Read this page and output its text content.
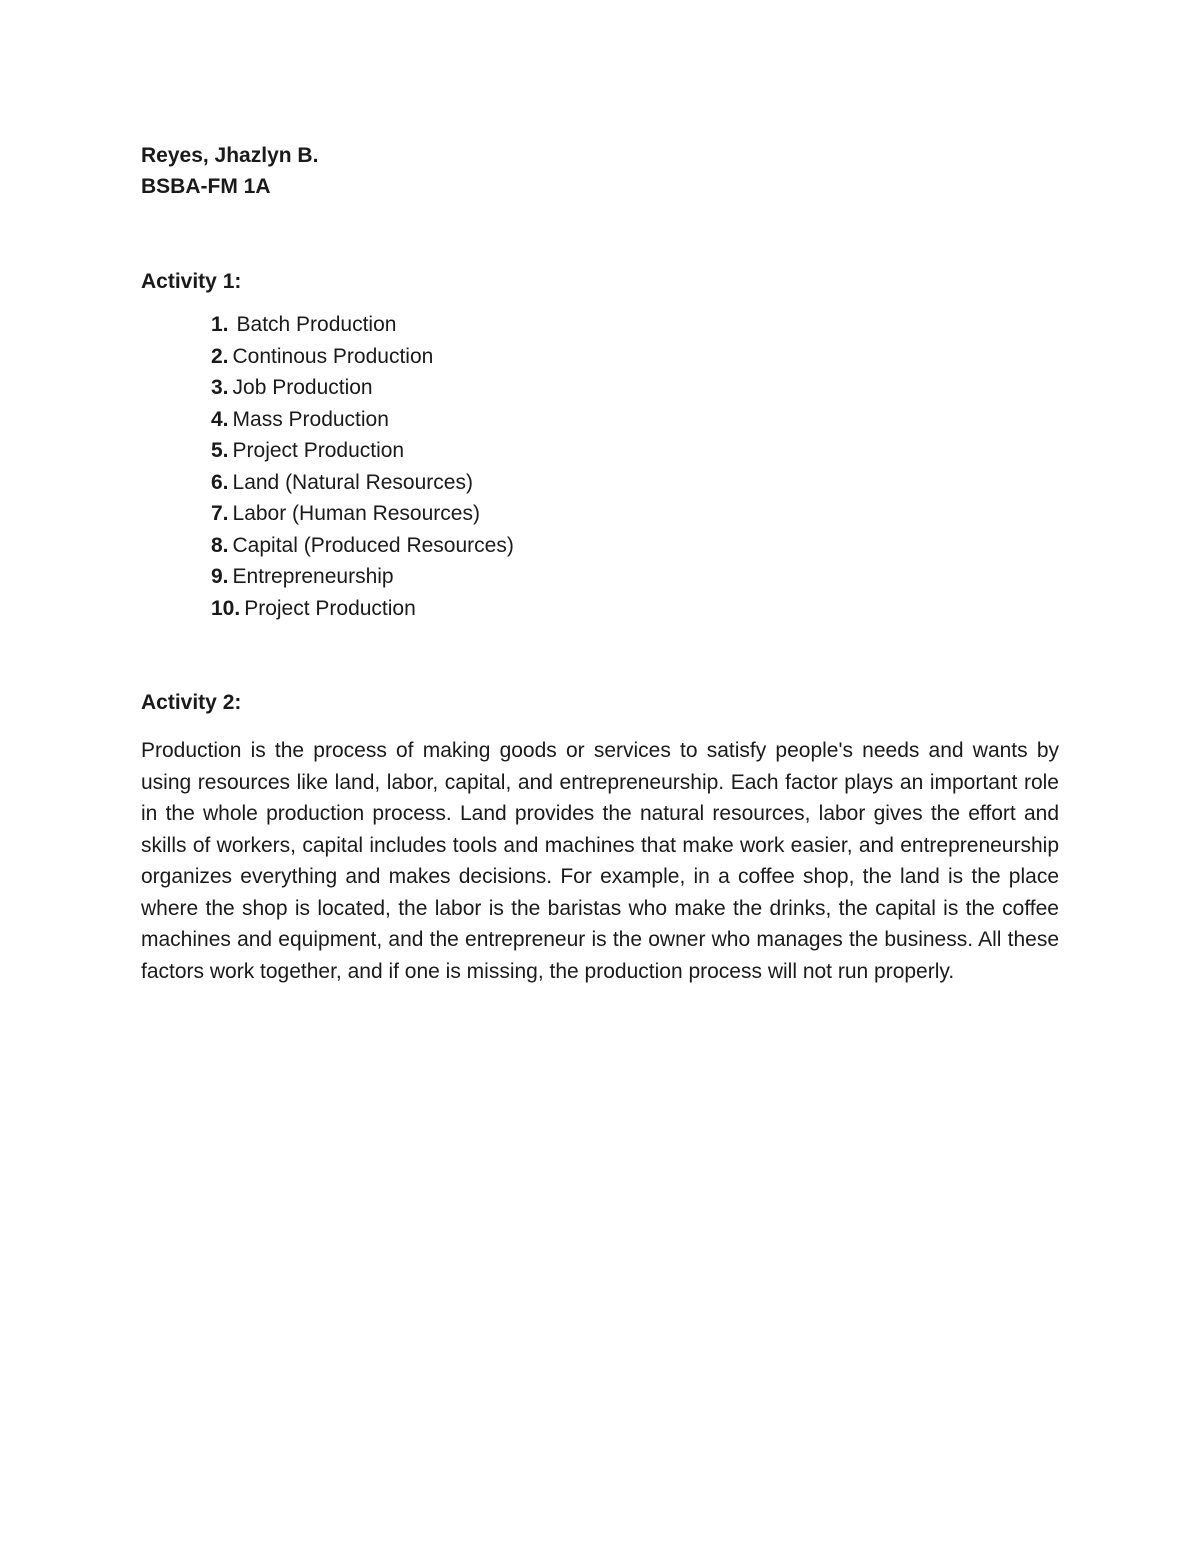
Reyes, Jhazlyn B.

BSBA-FM 1A

Activity 1:

1. Batch Production
2. Continous Production
3. Job Production
4. Mass Production
5. Project Production
6. Land (Natural Resources)
7. Labor (Human Resources)
8. Capital (Produced Resources)
9. Entrepreneurship
10. Project Production

Activity 2:

Production is the process of making goods or services to satisfy people's needs and wants by using resources like land, labor, capital, and entrepreneurship. Each factor plays an important role in the whole production process. Land provides the natural resources, labor gives the effort and skills of workers, capital includes tools and machines that make work easier, and entrepreneurship organizes everything and makes decisions. For example, in a coffee shop, the land is the place where the shop is located, the labor is the baristas who make the drinks, the capital is the coffee machines and equipment, and the entrepreneur is the owner who manages the business. All these factors work together, and if one is missing, the production process will not run properly.
